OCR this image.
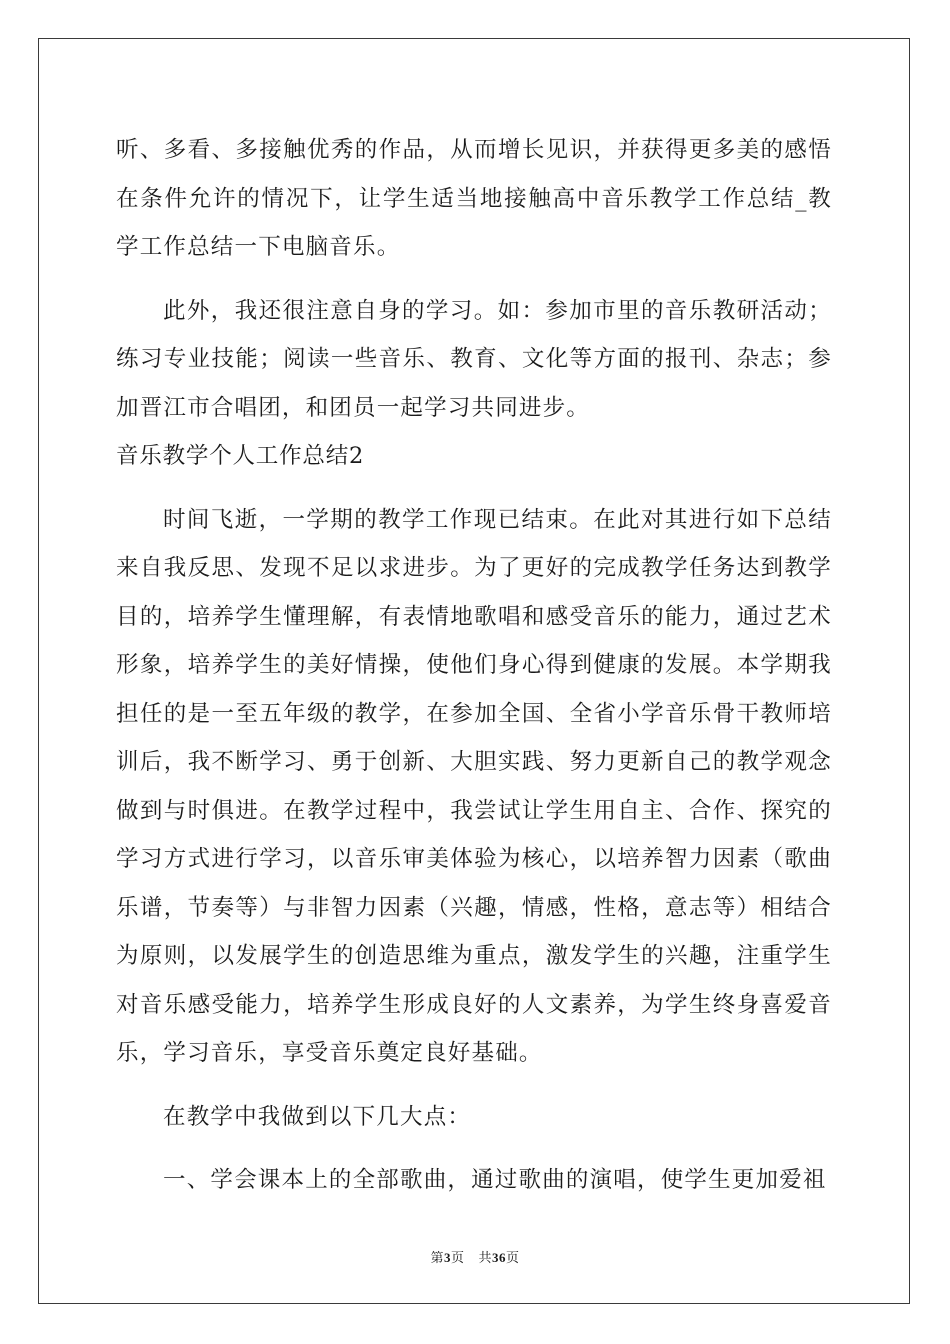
听、多看、多接触优秀的作品，从而增长见识，并获得更多美的感悟在条件允许的情况下，让学生适当地接触高中音乐教学工作总结_教学工作总结一下电脑音乐。

此外，我还很注意自身的学习。如：参加市里的音乐教研活动；练习专业技能；阅读一些音乐、教育、文化等方面的报刊、杂志；参加晋江市合唱团，和团员一起学习共同进步。

音乐教学个人工作总结2

时间飞逝，一学期的教学工作现已结束。在此对其进行如下总结来自我反思、发现不足以求进步。为了更好的完成教学任务达到教学目的，培养学生懂理解，有表情地歌唱和感受音乐的能力，通过艺术形象，培养学生的美好情操，使他们身心得到健康的发展。本学期我担任的是一至五年级的教学，在参加全国、全省小学音乐骨干教师培训后，我不断学习、勇于创新、大胆实践、努力更新自己的教学观念做到与时俱进。在教学过程中，我尝试让学生用自主、合作、探究的学习方式进行学习，以音乐审美体验为核心，以培养智力因素（歌曲乐谱，节奏等）与非智力因素（兴趣，情感，性格，意志等）相结合为原则，以发展学生的创造思维为重点，激发学生的兴趣，注重学生对音乐感受能力，培养学生形成良好的人文素养，为学生终身喜爱音乐，学习音乐，享受音乐奠定良好基础。

在教学中我做到以下几大点：

一、学会课本上的全部歌曲，通过歌曲的演唱，使学生更加爱祖

第3页 共36页
